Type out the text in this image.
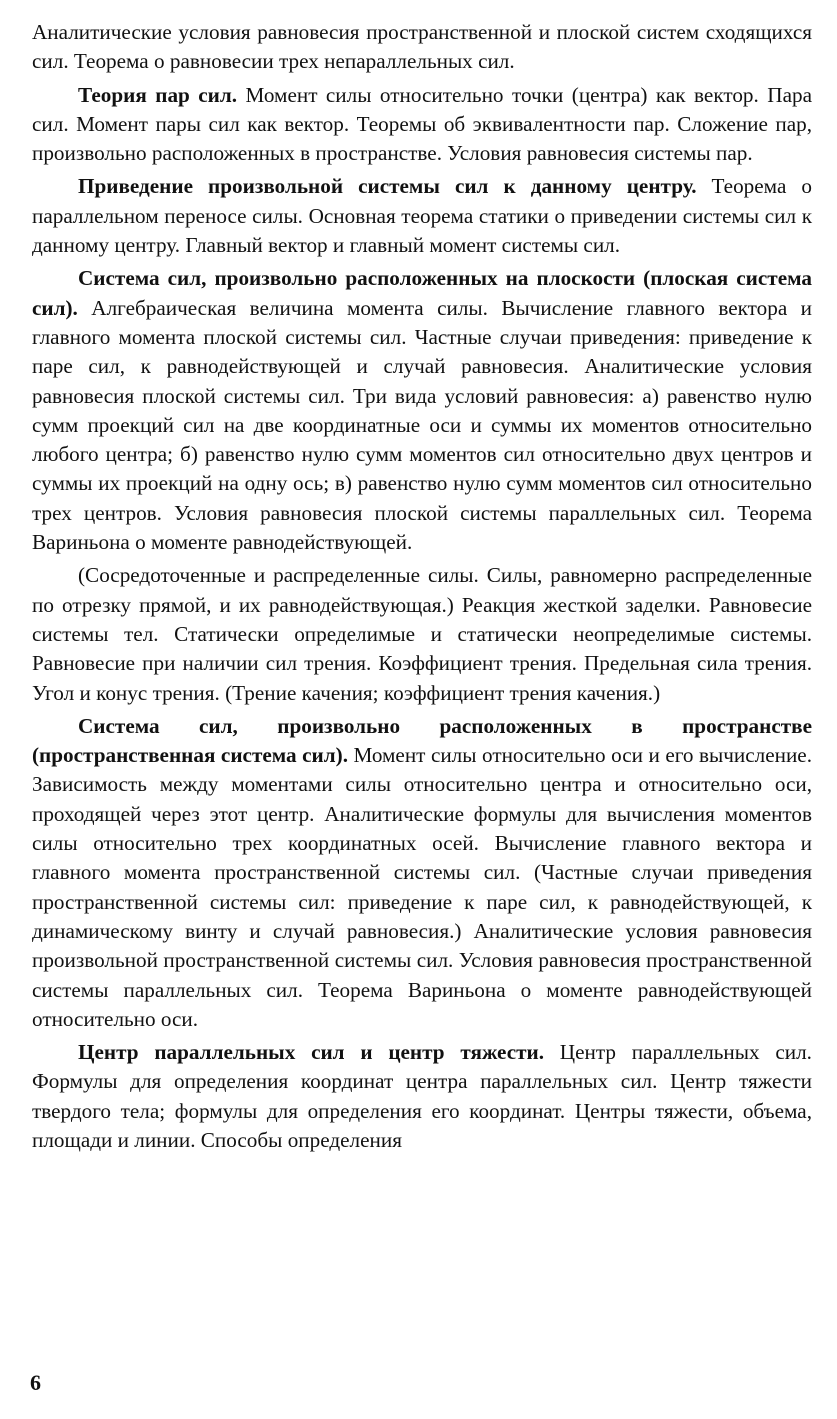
Аналитические условия равновесия пространственной и плоской систем сходящихся сил. Теорема о равновесии трех непараллельных сил.

Теория пар сил. Момент силы относительно точки (центра) как вектор. Пара сил. Момент пары сил как вектор. Теоремы об эквивалентности пар. Сложение пар, произвольно расположенных в пространстве. Условия равновесия системы пар.

Приведение произвольной системы сил к данному центру. Теорема о параллельном переносе силы. Основная теорема статики о приведении системы сил к данному центру. Главный вектор и главный момент системы сил.

Система сил, произвольно расположенных на плоскости (плоская система сил). Алгебраическая величина момента силы. Вычисление главного вектора и главного момента плоской системы сил. Частные случаи приведения: приведение к паре сил, к равнодействующей и случай равновесия. Аналитические условия равновесия плоской системы сил. Три вида условий равновесия: а) равенство нулю сумм проекций сил на две координатные оси и суммы их моментов относительно любого центра; б) равенство нулю сумм моментов сил относительно двух центров и суммы их проекций на одну ось; в) равенство нулю сумм моментов сил относительно трех центров. Условия равновесия плоской системы параллельных сил. Теорема Вариньона о моменте равнодействующей.

(Сосредоточенные и распределенные силы. Силы, равномерно распределенные по отрезку прямой, и их равнодействующая.) Реакция жесткой заделки. Равновесие системы тел. Статически определимые и статически неопределимые системы. Равновесие при наличии сил трения. Коэффициент трения. Предельная сила трения. Угол и конус трения. (Трение качения; коэффициент трения качения.)

Система сил, произвольно расположенных в пространстве (пространственная система сил). Момент силы относительно оси и его вычисление. Зависимость между моментами силы относительно центра и относительно оси, проходящей через этот центр. Аналитические формулы для вычисления моментов силы относительно трех координатных осей. Вычисление главного вектора и главного момента пространственной системы сил. (Частные случаи приведения пространственной системы сил: приведение к паре сил, к равнодействующей, к динамическому винту и случай равновесия.) Аналитические условия равновесия произвольной пространственной системы сил. Условия равновесия пространственной системы параллельных сил. Теорема Вариньона о моменте равнодействующей относительно оси.

Центр параллельных сил и центр тяжести. Центр параллельных сил. Формулы для определения координат центра параллельных сил. Центр тяжести твердого тела; формулы для определения его координат. Центры тяжести, объема, площади и линии. Способы определения

6
